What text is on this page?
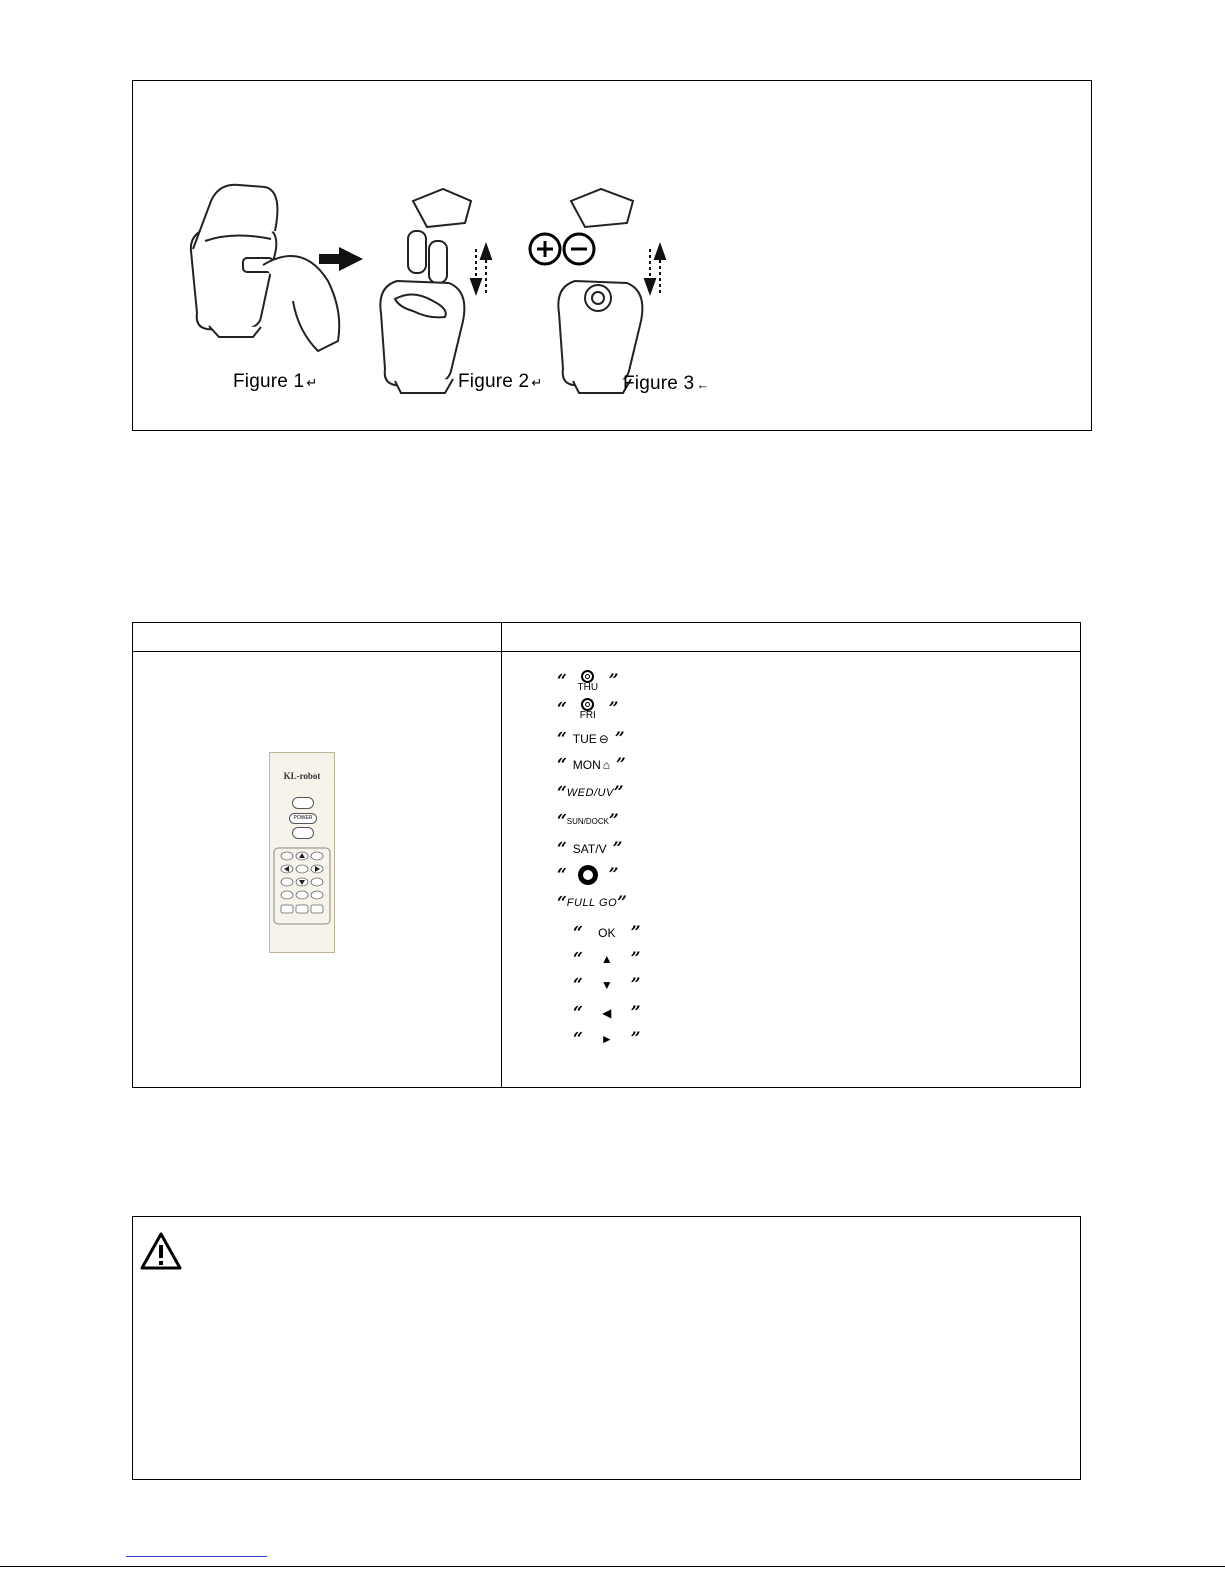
Figure 1 ↵	Figure 2 ↵	Figure 3 ←
KL-robot
POWER
“ THU ”
“ FRI ”
“ TUE ⊖ ”
“ MON ⌂ ”
“ WED/UV ”
“ SUN/DOCK ”
“ SAT/V ”
“ ”
“ FULL GO ”
“	OK ”
“	▲	”
“	▼	”
“	◀	”
“	►	”
